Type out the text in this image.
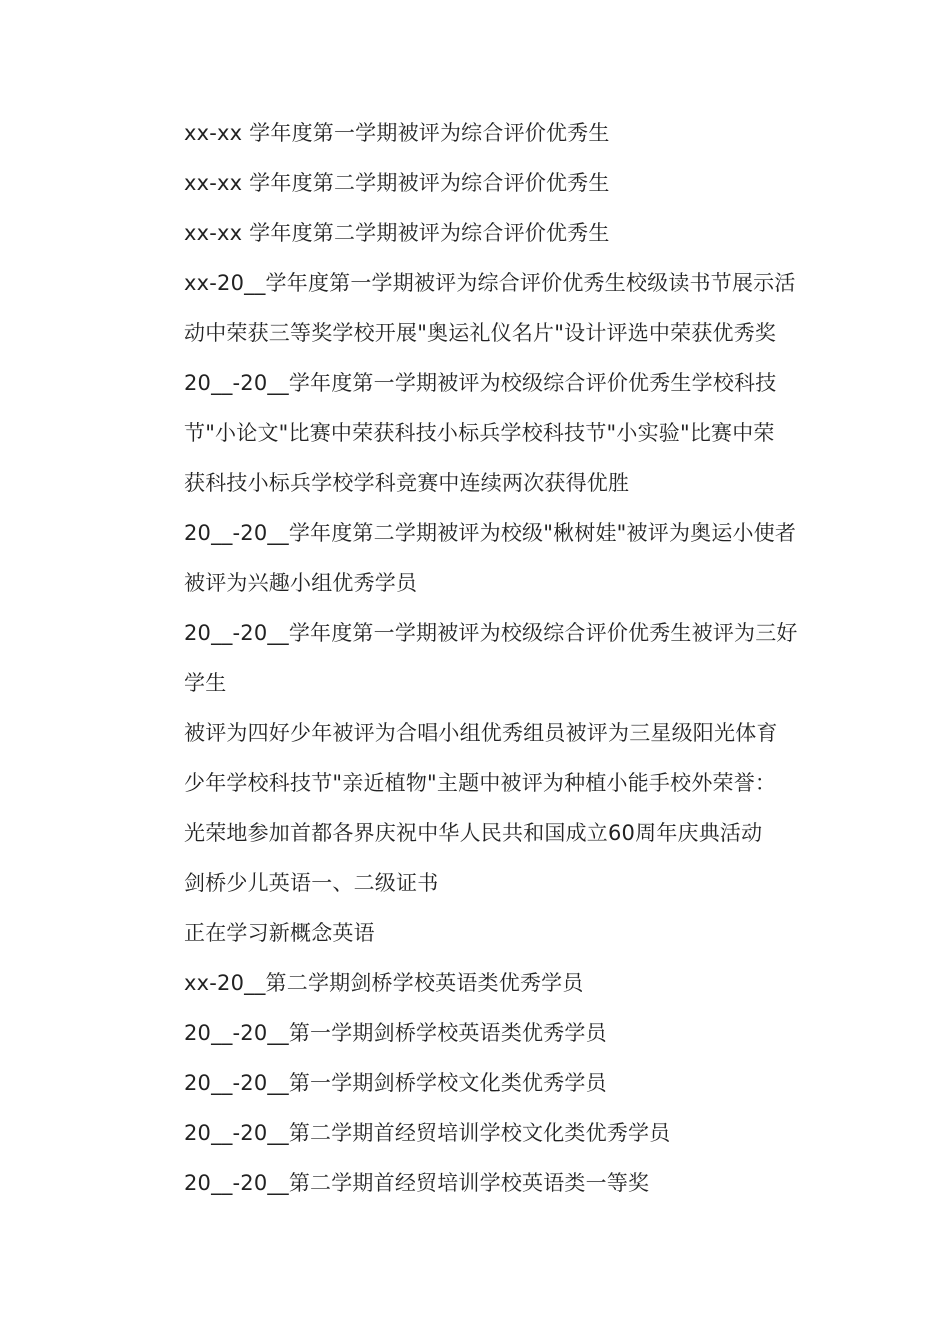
xx-xx 学年度第一学期被评为综合评价优秀生
xx-xx 学年度第二学期被评为综合评价优秀生
xx-xx 学年度第二学期被评为综合评价优秀生
xx-20__学年度第一学期被评为综合评价优秀生校级读书节展示活
动中荣获三等奖学校开展"奥运礼仪名片"设计评选中荣获优秀奖
20__-20__学年度第一学期被评为校级综合评价优秀生学校科技
节"小论文"比赛中荣获科技小标兵学校科技节"小实验"比赛中荣
获科技小标兵学校学科竞赛中连续两次获得优胜
20__-20__学年度第二学期被评为校级"楸树娃"被评为奥运小使者
被评为兴趣小组优秀学员
20__-20__学年度第一学期被评为校级综合评价优秀生被评为三好
学生
被评为四好少年被评为合唱小组优秀组员被评为三星级阳光体育
少年学校科技节"亲近植物"主题中被评为种植小能手校外荣誉：
光荣地参加首都各界庆祝中华人民共和国成立60周年庆典活动
剑桥少儿英语一、二级证书
正在学习新概念英语
xx-20__第二学期剑桥学校英语类优秀学员
20__-20__第一学期剑桥学校英语类优秀学员
20__-20__第一学期剑桥学校文化类优秀学员
20__-20__第二学期首经贸培训学校文化类优秀学员
20__-20__第二学期首经贸培训学校英语类一等奖
